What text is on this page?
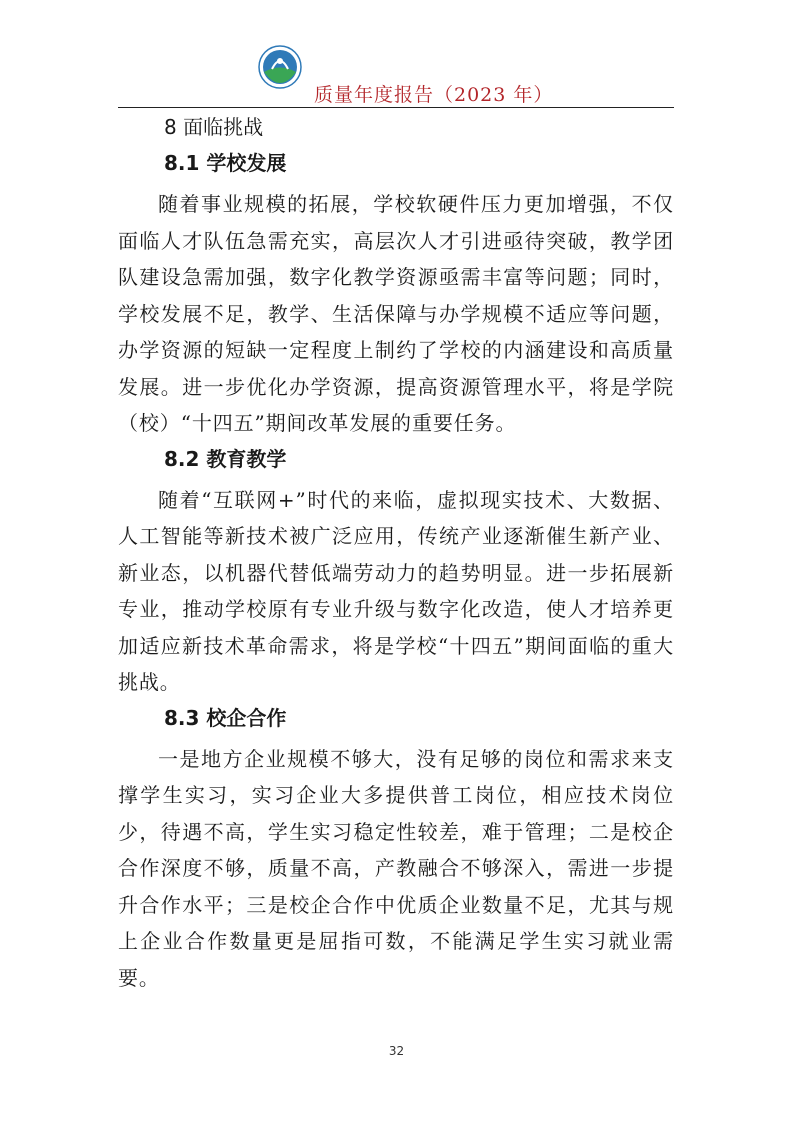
质量年度报告（2023 年）
8 面临挑战
8.1 学校发展

随着事业规模的拓展，学校软硬件压力更加增强，不仅面临人才队伍急需充实，高层次人才引进亟待突破，教学团队建设急需加强，数字化教学资源亟需丰富等问题；同时，学校发展不足，教学、生活保障与办学规模不适应等问题，办学资源的短缺一定程度上制约了学校的内涵建设和高质量发展。进一步优化办学资源，提高资源管理水平，将是学院（校）“十四五”期间改革发展的重要任务。

8.2 教育教学

随着“互联网+”时代的来临，虚拟现实技术、大数据、人工智能等新技术被广泛应用，传统产业逐渐催生新产业、新业态，以机器代替低端劳动力的趋势明显。进一步拓展新专业，推动学校原有专业升级与数字化改造，使人才培养更加适应新技术革命需求，将是学校“十四五”期间面临的重大挑战。

8.3 校企合作

一是地方企业规模不够大，没有足够的岗位和需求来支撑学生实习，实习企业大多提供普工岗位，相应技术岗位少，待遇不高，学生实习稳定性较差，难于管理；二是校企合作深度不够，质量不高，产教融合不够深入，需进一步提升合作水平；三是校企合作中优质企业数量不足，尤其与规上企业合作数量更是屈指可数，不能满足学生实习就业需要。

32
